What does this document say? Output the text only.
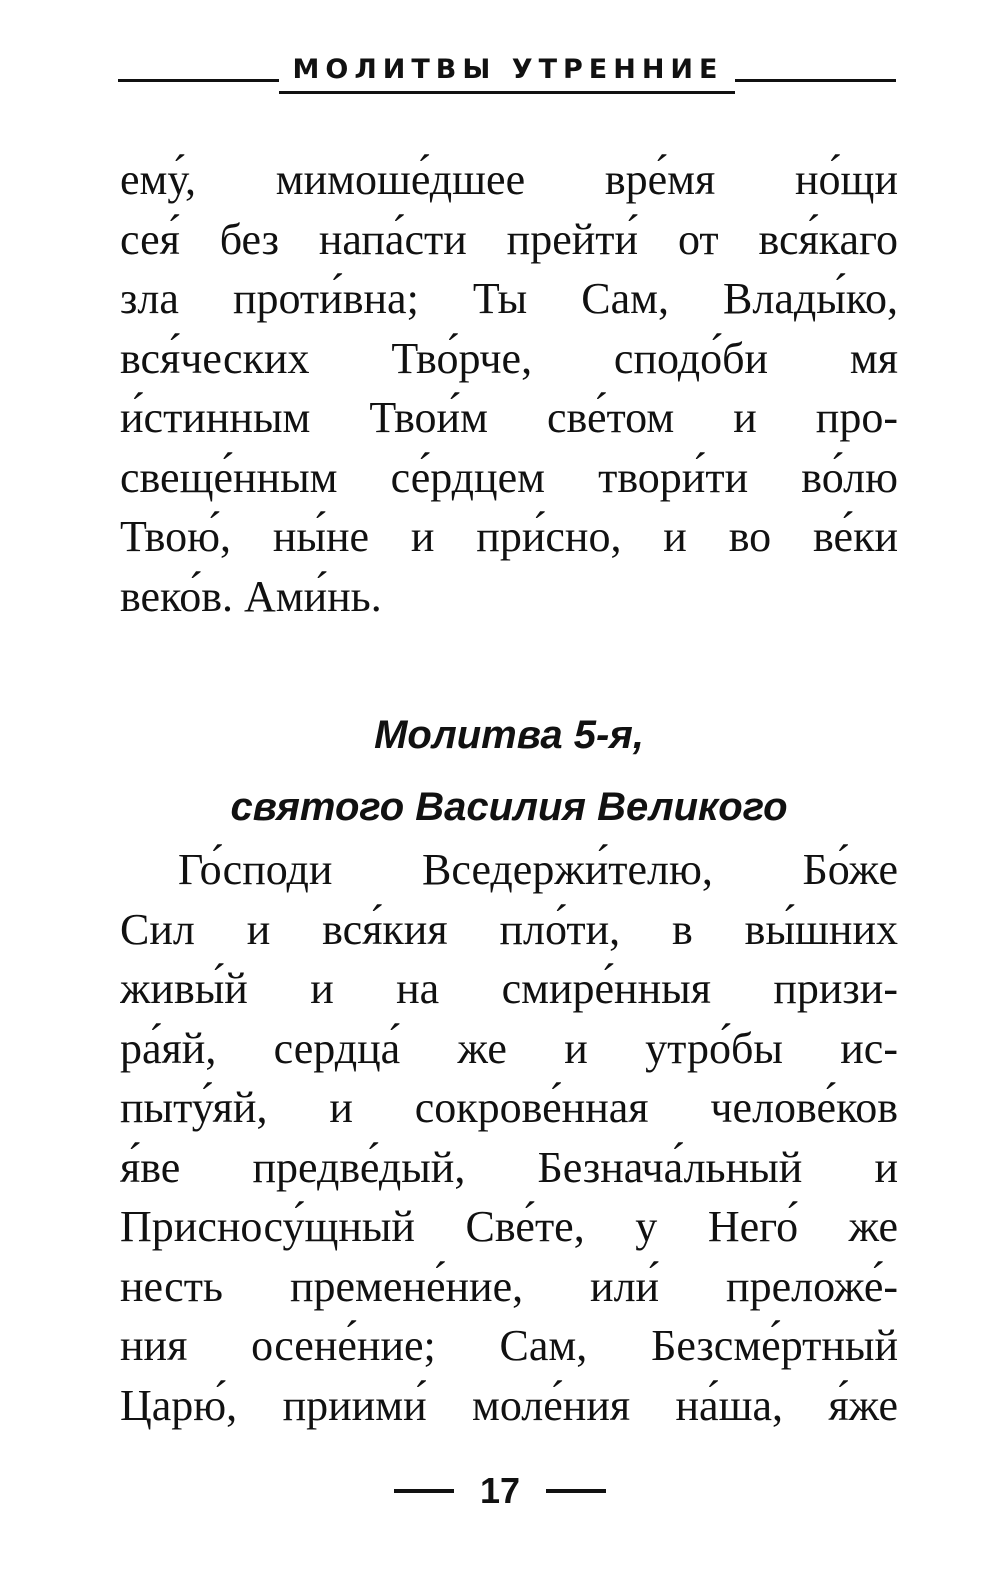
МОЛИТВЫ УТРЕННИЕ
ему́, мимоше́дшее вре́мя но́щи
сея́ без напа́сти прейти́ от вся́каго
зла проти́вна; Ты Сам, Влады́ко,
вся́ческих Тво́рче, сподо́би мя
и́стинным Твои́м све́том и про-
свеще́нным се́рдцем твори́ти во́лю
Твою́, ны́не и при́сно, и во ве́ки
веко́в. Ами́нь.
Молитва 5-я,
святого Василия Великого
Го́споди Вседержи́телю, Бо́же
Сил и вся́кия пло́ти, в вы́шних
живы́й и на смире́нныя призи-
ра́яй, сердца́ же и утро́бы ис-
пыту́яй, и сокрове́нная челове́ков
я́ве предве́дый, Безнача́льный и
Присносу́щный Све́те, у Него́ же
несть премене́ние, или́ преложе́-
ния осене́ние; Сам, Безсме́ртный
Царю́, приими́ моле́ния на́ша, я́же
17
